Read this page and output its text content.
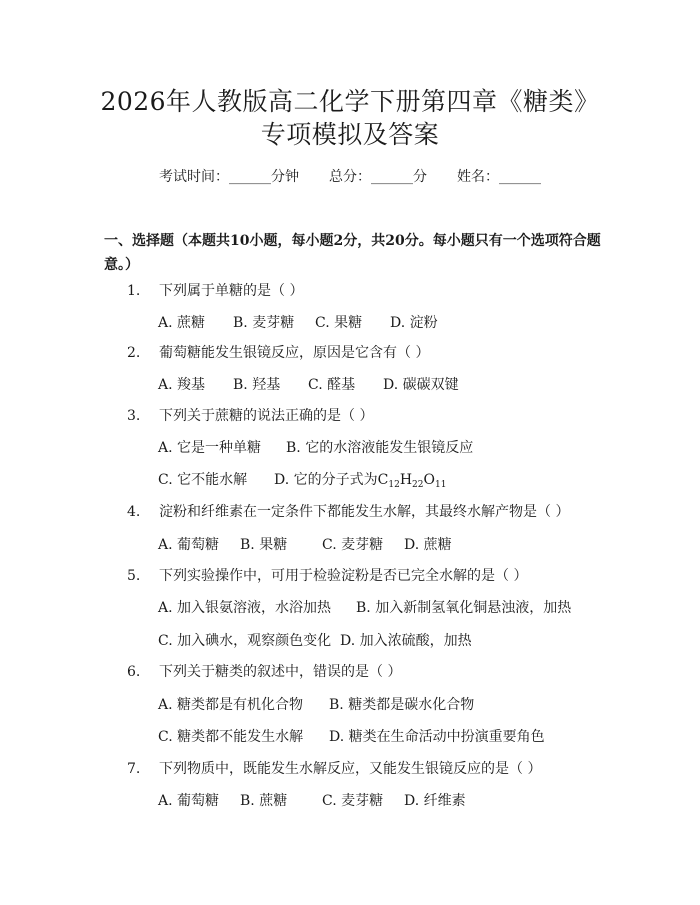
2026年人教版高二化学下册第四章《糖类》
专项模拟及答案
考试时间：______分钟 总分：______分 姓名：______
一、选择题（本题共10小题，每小题2分，共20分。每小题只有一个选项符合题意。）
1.	下列属于单糖的是（ ）
A. 蔗糖	B. 麦芽糖	C. 果糖	D. 淀粉
2.	葡萄糖能发生银镜反应，原因是它含有（ ）
A. 羧基	B. 羟基	C. 醛基	D. 碳碳双键
3.	下列关于蔗糖的说法正确的是（ ）
A. 它是一种单糖	B. 它的水溶液能发生银镜反应
C. 它不能水解	D. 它的分子式为$C_{12}H_{22}O_{11}$
4.	淀粉和纤维素在一定条件下都能发生水解，其最终水解产物是（ ）
A. 葡萄糖	B. 果糖	C. 麦芽糖	D. 蔗糖
5.	下列实验操作中，可用于检验淀粉是否已完全水解的是（ ）
A. 加入银氨溶液，水浴加热	B. 加入新制氢氧化铜悬浊液，加热
C. 加入碘水，观察颜色变化 D. 加入浓硫酸，加热
6.	下列关于糖类的叙述中，错误的是（ ）
A. 糖类都是有机化合物	B. 糖类都是碳水化合物
C. 糖类都不能发生水解	D. 糖类在生命活动中扮演重要角色
7.	下列物质中，既能发生水解反应，又能发生银镜反应的是（ ）
A. 葡萄糖	B. 蔗糖	C. 麦芽糖	D. 纤维素
